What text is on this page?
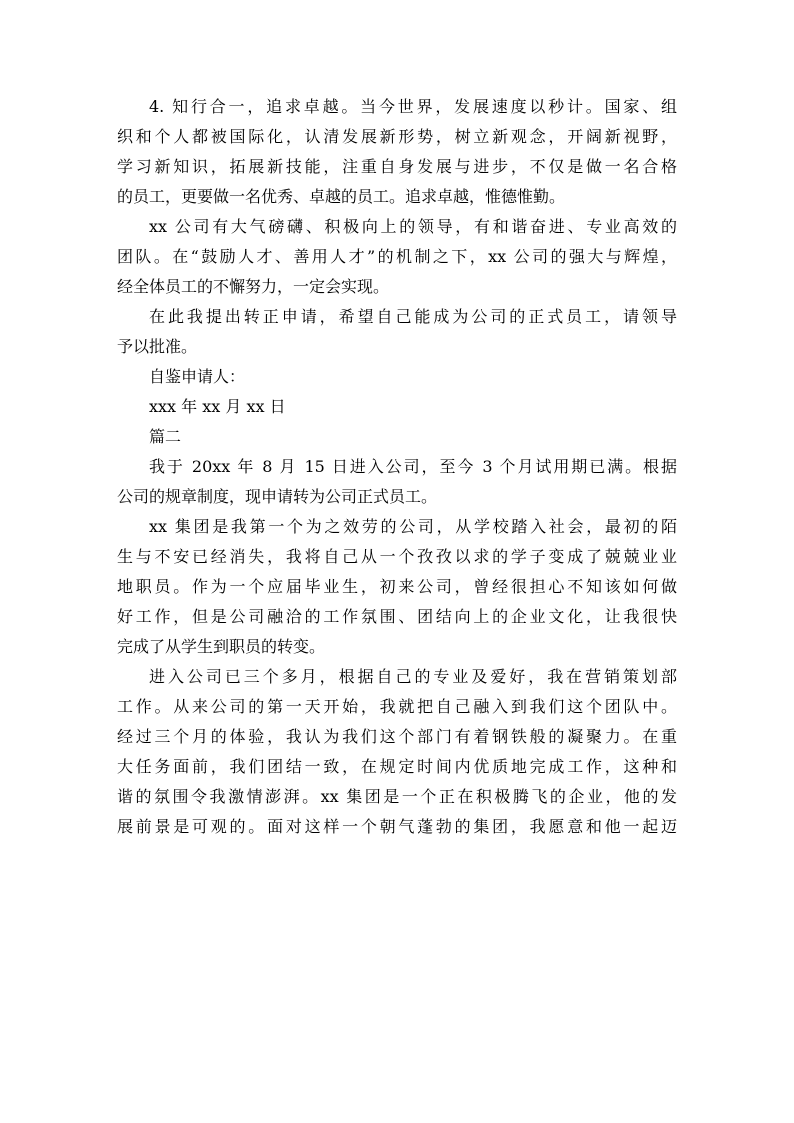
4. 知行合一，追求卓越。当今世界，发展速度以秒计。国家、组
织和个人都被国际化，认清发展新形势，树立新观念，开阔新视野，
学习新知识，拓展新技能，注重自身发展与进步，不仅是做一名合格
的员工，更要做一名优秀、卓越的员工。追求卓越，惟德惟勤。
xx 公司有大气磅礴、积极向上的领导，有和谐奋进、专业高效的
团队。在“鼓励人才、善用人才”的机制之下，xx 公司的强大与辉煌，
经全体员工的不懈努力，一定会实现。
在此我提出转正申请，希望自己能成为公司的正式员工，请领导
予以批准。
自鉴申请人：
xxx 年 xx 月 xx 日
篇二
我于 20xx 年 8 月 15 日进入公司，至今 3 个月试用期已满。根据
公司的规章制度，现申请转为公司正式员工。
xx 集团是我第一个为之效劳的公司，从学校踏入社会，最初的陌
生与不安已经消失，我将自己从一个孜孜以求的学子变成了兢兢业业
地职员。作为一个应届毕业生，初来公司，曾经很担心不知该如何做
好工作，但是公司融洽的工作氛围、团结向上的企业文化，让我很快
完成了从学生到职员的转变。
进入公司已三个多月，根据自己的专业及爱好，我在营销策划部
工作。从来公司的第一天开始，我就把自己融入到我们这个团队中。
经过三个月的体验，我认为我们这个部门有着钢铁般的凝聚力。在重
大任务面前，我们团结一致，在规定时间内优质地完成工作，这种和
谐的氛围令我激情澎湃。xx 集团是一个正在积极腾飞的企业，他的发
展前景是可观的。面对这样一个朝气蓬勃的集团，我愿意和他一起迈
